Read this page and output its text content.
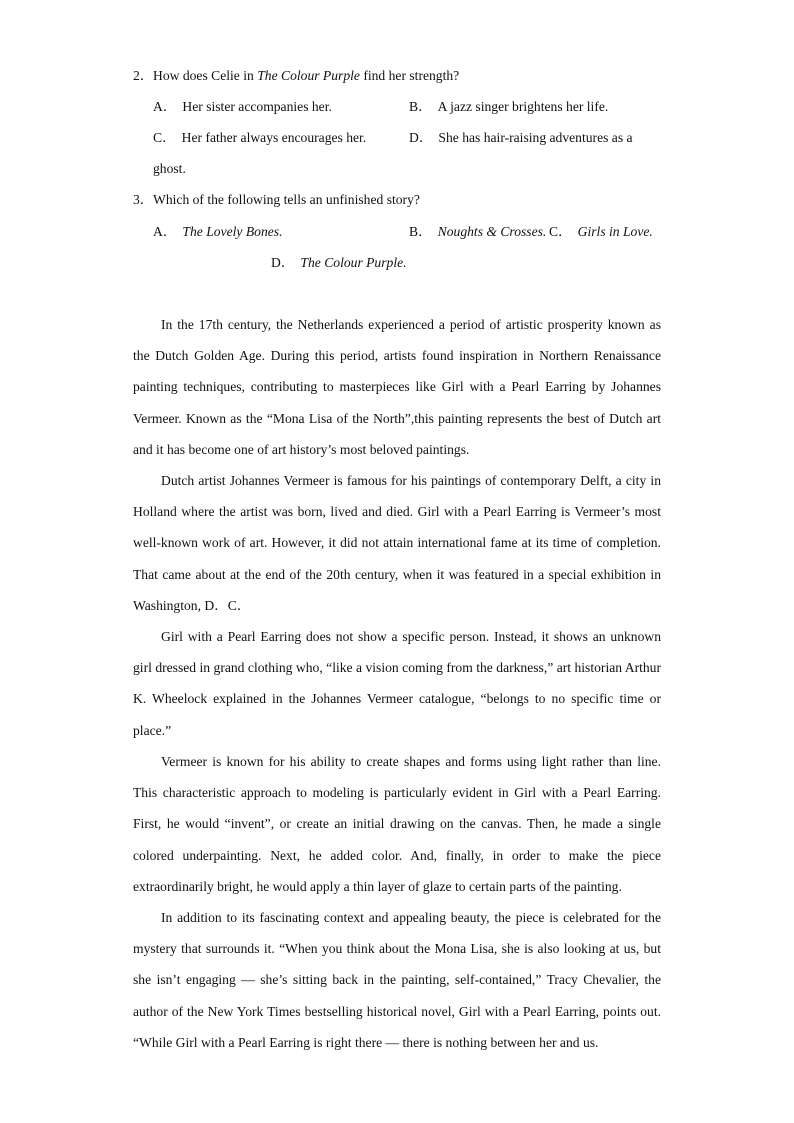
2． How does Celie in The Colour Purple find her strength?
A． Her sister accompanies her.	B． A jazz singer brightens her life.
C． Her father always encourages her.	D． She has hair-raising adventures as a
ghost.
3． Which of the following tells an unfinished story?
A． The Lovely Bones.	B． Noughts & Crosses. C． Girls in Love.
D． The Colour Purple.

In the 17th century, the Netherlands experienced a period of artistic prosperity known as the Dutch Golden Age. During this period, artists found inspiration in Northern Renaissance painting techniques, contributing to masterpieces like Girl with a Pearl Earring by Johannes Vermeer. Known as the “Mona Lisa of the North”,this painting represents the best of Dutch art and it has become one of art history’s most beloved paintings.

Dutch artist Johannes Vermeer is famous for his paintings of contemporary Delft, a city in Holland where the artist was born, lived and died. Girl with a Pearl Earring is Vermeer’s most well-known work of art. However, it did not attain international fame at its time of completion. That came about at the end of the 20th century, when it was featured in a special exhibition in Washington, D．C．

Girl with a Pearl Earring does not show a specific person. Instead, it shows an unknown girl dressed in grand clothing who, “like a vision coming from the darkness,” art historian Arthur K. Wheelock explained in the Johannes Vermeer catalogue, “belongs to no specific time or place.”

Vermeer is known for his ability to create shapes and forms using light rather than line. This characteristic approach to modeling is particularly evident in Girl with a Pearl Earring. First, he would “invent”, or create an initial drawing on the canvas. Then, he made a single colored underpainting. Next, he added color. And, finally, in order to make the piece extraordinarily bright, he would apply a thin layer of glaze to certain parts of the painting.

In addition to its fascinating context and appealing beauty, the piece is celebrated for the mystery that surrounds it. “When you think about the Mona Lisa, she is also looking at us, but she isn’t engaging — she’s sitting back in the painting, self-contained,” Tracy Chevalier, the author of the New York Times bestselling historical novel, Girl with a Pearl Earring, points out. “While Girl with a Pearl Earring is right there — there is nothing between her and us.
